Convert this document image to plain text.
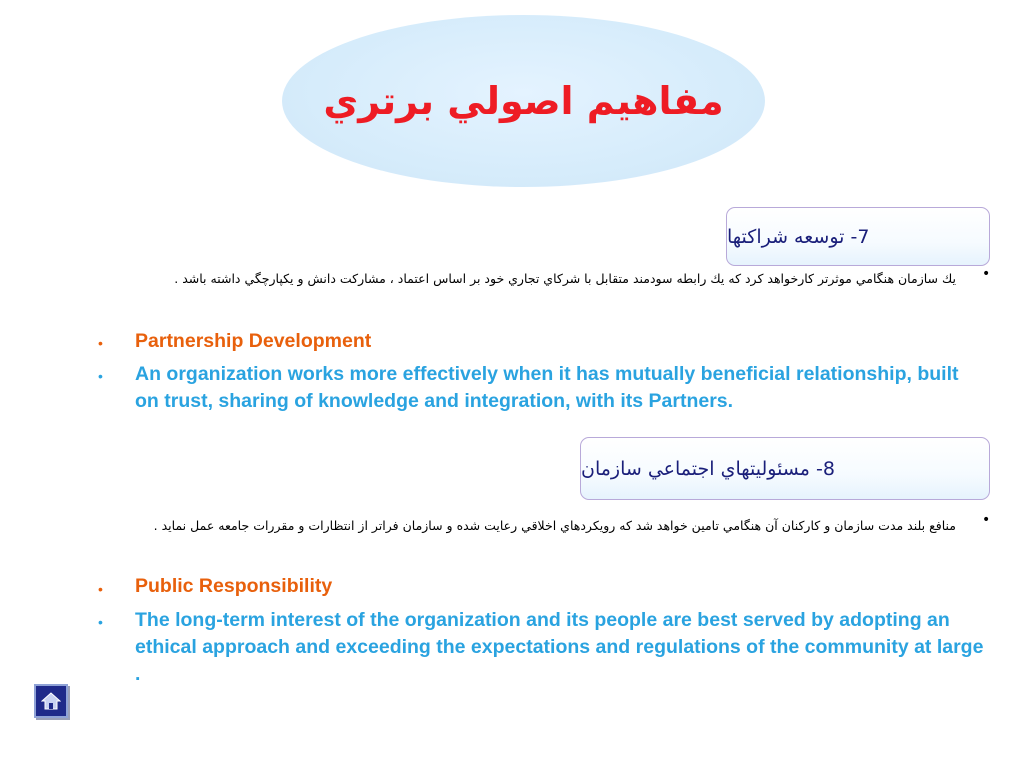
مفاهيم اصولي برتري
7- توسعه شراكتها
•
يك سازمان هنگامي موثرتر كارخواهد كرد كه يك رابطه سودمند متقابل با شركاي تجاري خود بر اساس اعتماد ، مشاركت دانش و يكپارچگي داشته باشد .
• Partnership Development
• An organization works more effectively when it has mutually beneficial relationship, built on trust, sharing of knowledge and integration, with its Partners.
8- مسئوليتهاي اجتماعي سازمان
•
منافع بلند مدت سازمان و كاركنان آن هنگامي تامين خواهد شد كه رويكردهاي اخلاقي رعايت شده و سازمان فراتر از انتظارات و مقررات جامعه عمل نمايد .
• Public Responsibility
• The long-term interest of the organization and its people are best served by adopting an ethical approach and exceeding the expectations and regulations of the community at large .
